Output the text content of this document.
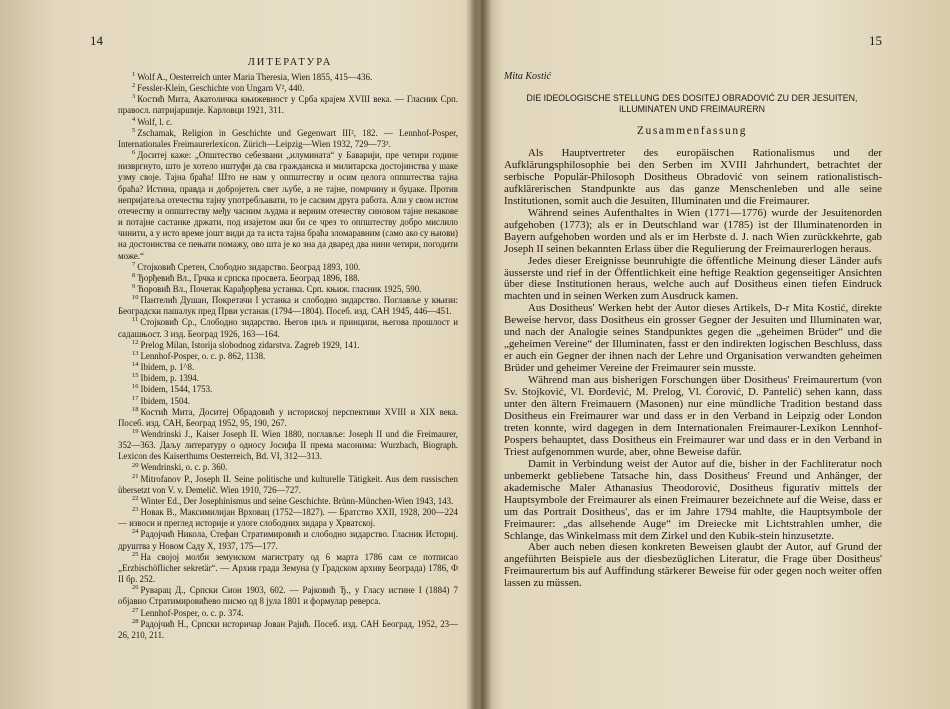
14
ЛИТЕРАТУРА

$^1$ Wolf A., Oesterreich unter Maria Theresia, Wien 1855, 415—436.

$^2$ Fessler-Klein, Geschichte von Ungarn V², 440.

$^3$ Костић Мита, Акатоличка књижевност у Срба крајем XVIII века. — Гласник Срп. правосл. патријаршије. Карловци 1921, 311.

$^4$ Wolf, l. c.

$^5$ Zschamak, Religion in Geschichte und Gegenwart III², 182. — Lennhof-Posper, Internationales Freimaurerlexicon. Zürich—Leipzig—Wien 1932, 729—73³.

$^6$ Доситеј каже: „Општество себезвани „илумината“ у Баварији, пре четири године низвргнуто, што је хотело иштуфн да сва гражданска и милитарска достојинства у шаке узму своје. Тајна браћа! Што не нам у оппштеству и осим целога оппштества тајна браћа? Истина, правда и добројетељ свет љубе, а не тајне, помрчину и буџаке. Против непријатеља отечества тајну употребљавати, то је сасвим друга работа. Али у свом истом отечеству и оппштеству међу часним људма и верним отечеству синовом тајне некакове и потајне састанке држати, под изајетом аки би се чрез то оппштеству добро мислило чинити, а у исто време јошт види да та иста тајна браћа зломаравним (само ако су њиови) на достоинства се пењати помажу, ово штa је ко зна да дварeд два нини четири, погодити може.“

$^7$ Стојковић Сретен, Слободно зидарство. Београд 1893, 100.

$^8$ Ђорђевић Вл., Грчка и српска просвета. Београд 1896, 188.

$^9$ Ћоровић Вл., Почетак Карађорђева устанка. Срп. књиж. гласник 1925, 590.

$^{10}$ Пантелић Душан, Покретачи I устанка и слободно зидарство. Поглавље у књизи: Београдски пашалук пред Први устанак (1794—1804). Посеб. изд. САН 1945, 446—451.

$^{11}$ Стојковић Ср., Слободно зидарство. Његов циљ и принципи, његова прошлост и садашњост. 3 изд. Београд 1926, 163—164.

$^{12}$ Prelog Milan, Istorija slobodnog zidarstva. Zagreb 1929, 141.

$^{13}$ Lennhof-Posper, o. c. p. 862, 1138.

$^{14}$ Ibidem, p. 1^8.

$^{15}$ Ibidem, p. 1394.

$^{16}$ Ibidem, 1544, 1753.

$^{17}$ Ibidem, 1504.

$^{18}$ Костић Мита, Доситеј Обрадовић у историској перспективи XVIII и XIX века. Посеб. изд. САН, Београд 1952, 95, 190, 267.

$^{19}$ Wendrinski J., Kaiser Joseph II. Wien 1880, поглавље: Joseph II und die Freimaurer, 352—363. Даљу литературу о односу Јосифа II према масонима: Wurzbach, Biograph. Lexicon des Kaiserthums Oesterreich, Bd. VI, 312—313.

$^{20}$ Wendrinski, o. c. p. 360.

$^{21}$ Mitrofanov P., Joseph II. Seine politische und kulturelle Tätigkeit. Aus dem russischen übersetzt von V. v. Demelič. Wien 1910, 726—727.

$^{22}$ Winter Ed., Der Josephinismus und seine Geschichte. Brünn-München-Wien 1943, 143.

$^{23}$ Новак В., Максимилијан Врховац (1752—1827). — Братство XXII, 1928, 200—224 — извоси и преглед историје и улоге слободних зидара у Хрватској.

$^{24}$ Радојчић Никола, Стефан Стратимировић и слободно зидарство. Гласник Историј. друштва у Новом Саду X, 1937, 175—177.

$^{25}$ На својој молби земунском магистрату од 6 марта 1786 сам се потписао „Erzbischöflicher sekretär“. — Архив града Земуна (у Градском архиву Београда) 1786, Ф II бр. 252.

$^{26}$ Руварац Д., Српски Сион 1903, 602. — Рајковић Ђ., у Гласу истине I (1884) 7 објавио Стратимировићево писмо од 8 јула 1801 и формулар реверса.

$^{27}$ Lennhof-Posper, o. c. p. 374.

$^{28}$ Радојчић Н., Српски историчар Јован Рајић. Посеб. изд. САН Београд, 1952, 23—26, 210, 211.

15
Mita Kostić
DIE IDEOLOGISCHE STELLUNG DES DOSITEJ OBRADOVIĆ ZU DER JESUITEN,
ILLUMINATEN UND FREIMAURERN
Zusammenfassung

Als Hauptvertreter des europäischen Rationalismus und der Aufklärungsphilosophie bei den Serben im XVIII Jahrhundert, betrachtet der serbische Populär-Philosoph Dositheus Obradović von seinem rationalistisch-aufklärerischen Standpunkte aus das ganze Menschenleben und alle seine Institutionen, somit auch die Jesuiten, Illuminaten und die Freimaurer.

Während seines Aufenthaltes in Wien (1771—1776) wurde der Jesuitenorden aufgehoben (1773); als er in Deutschland war (1785) ist der Illuminatenorden in Bayern aufgehoben worden und als er im Herbste d. J. nach Wien zurückkehrte, gab Joseph II seinen bekannten Erlass über die Regulierung der Freimaurerlogen heraus.

Jedes dieser Ereignisse beunruhigte die öffentliche Meinung dieser Länder aufs äusserste und rief in der Öffentlichkeit eine heftige Reaktion gegenseitiger Ansichten über diese Institutionen heraus, welche auch auf Dositheus einen tiefen Eindruck machten und in seinen Werken zum Ausdruck kamen.

Aus Dositheus' Werken hebt der Autor dieses Artikels, D-r Mita Kostić, direkte Beweise hervor, dass Dositheus ein grosser Gegner der Jesuiten und Illuminaten war, und nach der Analogie seines Standpunktes gegen die „geheimen Brüder“ und die „geheimen Vereine“ der Illuminaten, fasst er den indirekten logischen Beschluss, dass er auch ein Gegner der ihnen nach der Lehre und Organisation verwandten geheimen Brüder und geheimer Vereine der Freimaurer sein musste.

Während man aus bisherigen Forschungen über Dositheus' Freimaurertum (von Sv. Stojković, Vl. Đorđević, M. Prelog, Vl. Ćorović, D. Pantelić) sehen kann, dass unter den ältern Freimauern (Masonen) nur eine mündliche Tradition bestand dass Dositheus ein Freimaurer war und dass er in den Verband in Leipzig oder London treten konnte, wird dagegen in dem Internationalen Freimaurer-Lexikon Lennhof-Pospers behauptet, dass Dositheus ein Freimaurer war und dass er in den Verband in Triest aufgenommen wurde, aber, ohne Beweise dafür.

Damit in Verbindung weist der Autor auf die, bisher in der Fachliteratur noch unbemerkt gebliebene Tatsache hin, dass Dositheus' Freund und Anhänger, der akademische Maler Athanasius Theodorović, Dositheus figurativ mittels der Hauptsymbole der Freimaurer als einen Freimaurer bezeichnete auf die Weise, dass er um das Portrait Dositheus', das er im Jahre 1794 mahlte, die Hauptsymbole der Freimaurer: „das allsehende Auge“ im Dreiecke mit Lichtstrahlen umher, die Schlange, das Winkelmass mit dem Zirkel und den Kubik-stein hinzusetzte.

Aber auch neben diesen konkreten Beweisen glaubt der Autor, auf Grund der angeführten Beispiele aus der diesbezüglichen Literatur, die Frage über Dositheus' Freimaurertum bis auf Auffindung stärkerer Beweise für oder gegen noch weiter offen lassen zu müssen.
